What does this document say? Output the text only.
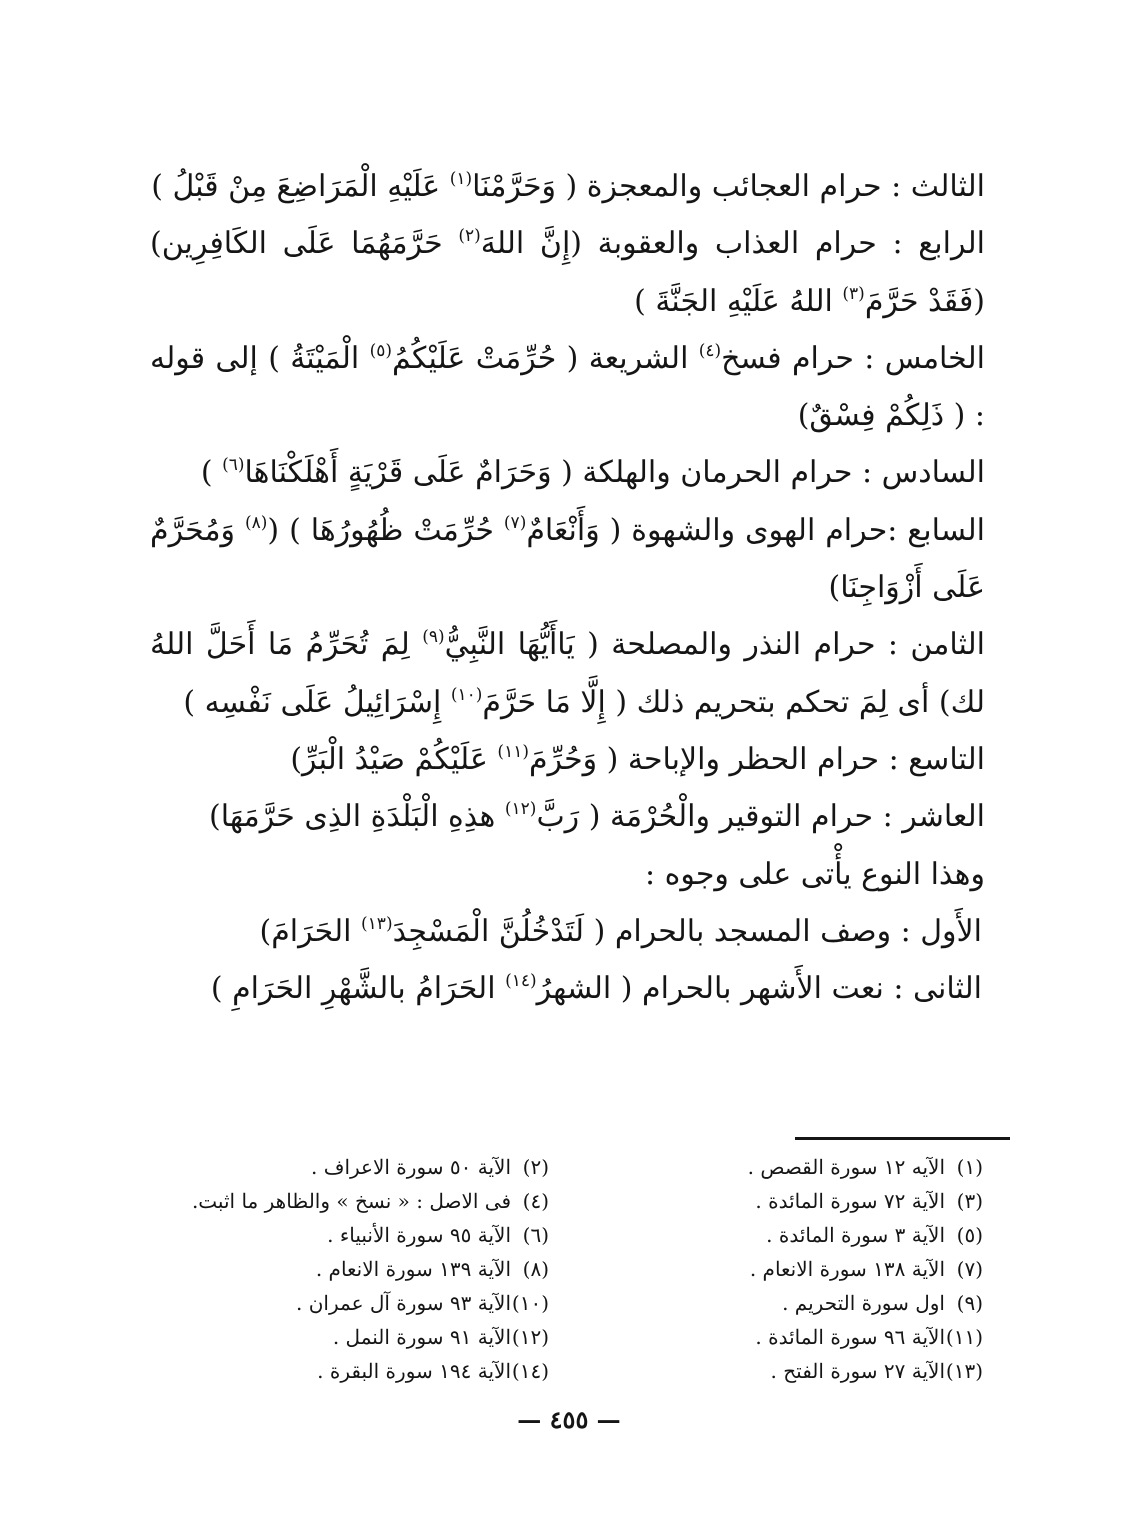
الثالث : حرام العجائب والمعجزة ( وَحَرَّمْنَا$^{(١)}$ عَلَيْهِ الْمَرَاضِعَ مِنْ قَبْلُ )

الرابع : حرام العذاب والعقوبة (إِنَّ اللهَ$^{(٢)}$ حَرَّمَهُمَا عَلَى الكَافِرِين) (فَقَدْ حَرَّمَ$^{(٣)}$ اللهُ عَلَيْهِ الجَنَّةَ )

الخامس : حرام فسخ$^{(٤)}$ الشريعة ( حُرِّمَتْ عَلَيْكُمُ$^{(٥)}$ الْمَيْتَةُ ) إلى قوله : ( ذَلِكُمْ فِسْقٌ)

السادس : حرام الحرمان والهلكة ( وَحَرَامٌ عَلَى قَرْيَةٍ أَهْلَكْنَاهَا$^{(٦)}$ )

السابع :حرام الهوى والشهوة ( وَأَنْعَامٌ$^{(٧)}$ حُرِّمَتْ ظُهُورُهَا ) ($^{(٨)}$ وَمُحَرَّمٌ عَلَى أَزْوَاجِنَا)

الثامن : حرام النذر والمصلحة ( يَاأَيُّهَا النَّبِيُّ$^{(٩)}$ لِمَ تُحَرِّمُ مَا أَحَلَّ اللهُ لك) أى لِمَ تحكم بتحريم ذلك ( إِلَّا مَا حَرَّمَ$^{(١٠)}$ إِسْرَائِيلُ عَلَى نَفْسِه )

التاسع : حرام الحظر والإباحة ( وَحُرِّمَ$^{(١١)}$ عَلَيْكُمْ صَيْدُ الْبَرِّ)

العاشر : حرام التوقير والْحُرْمَة ( رَبَّ$^{(١٢)}$ هذِهِ الْبَلْدَةِ الذِى حَرَّمَهَا)

وهذا النوع يأْتى على وجوه :

الأَول : وصف المسجد بالحرام ( لَتَدْخُلُنَّ الْمَسْجِدَ$^{(١٣)}$ الحَرَامَ)

الثانى : نعت الأَشهر بالحرام ( الشهرُ$^{(١٤)}$ الحَرَامُ بالشَّهْرِ الحَرَامِ )

(١)الآيه ١٢ سورة القصص .
(٢)الآية ٥٠ سورة الاعراف .
(٣)الآية ٧٢ سورة المائدة .
(٤)فى الاصل : « نسخ » والظاهر ما اثبت.
(٥)الآية ٣ سورة المائدة .
(٦)الآية ٩٥ سورة الأنبياء .
(٧)الآية ١٣٨ سورة الانعام .
(٨)الآية ١٣٩ سورة الانعام .
(٩)اول سورة التحريم .
(١٠)الآية ٩٣ سورة آل عمران .
(١١)الآية ٩٦ سورة المائدة .
(١٢)الآية ٩١ سورة النمل .
(١٣)الآية ٢٧ سورة الفتح .
(١٤)الآية ١٩٤ سورة البقرة .
— ٤٥٥ —
